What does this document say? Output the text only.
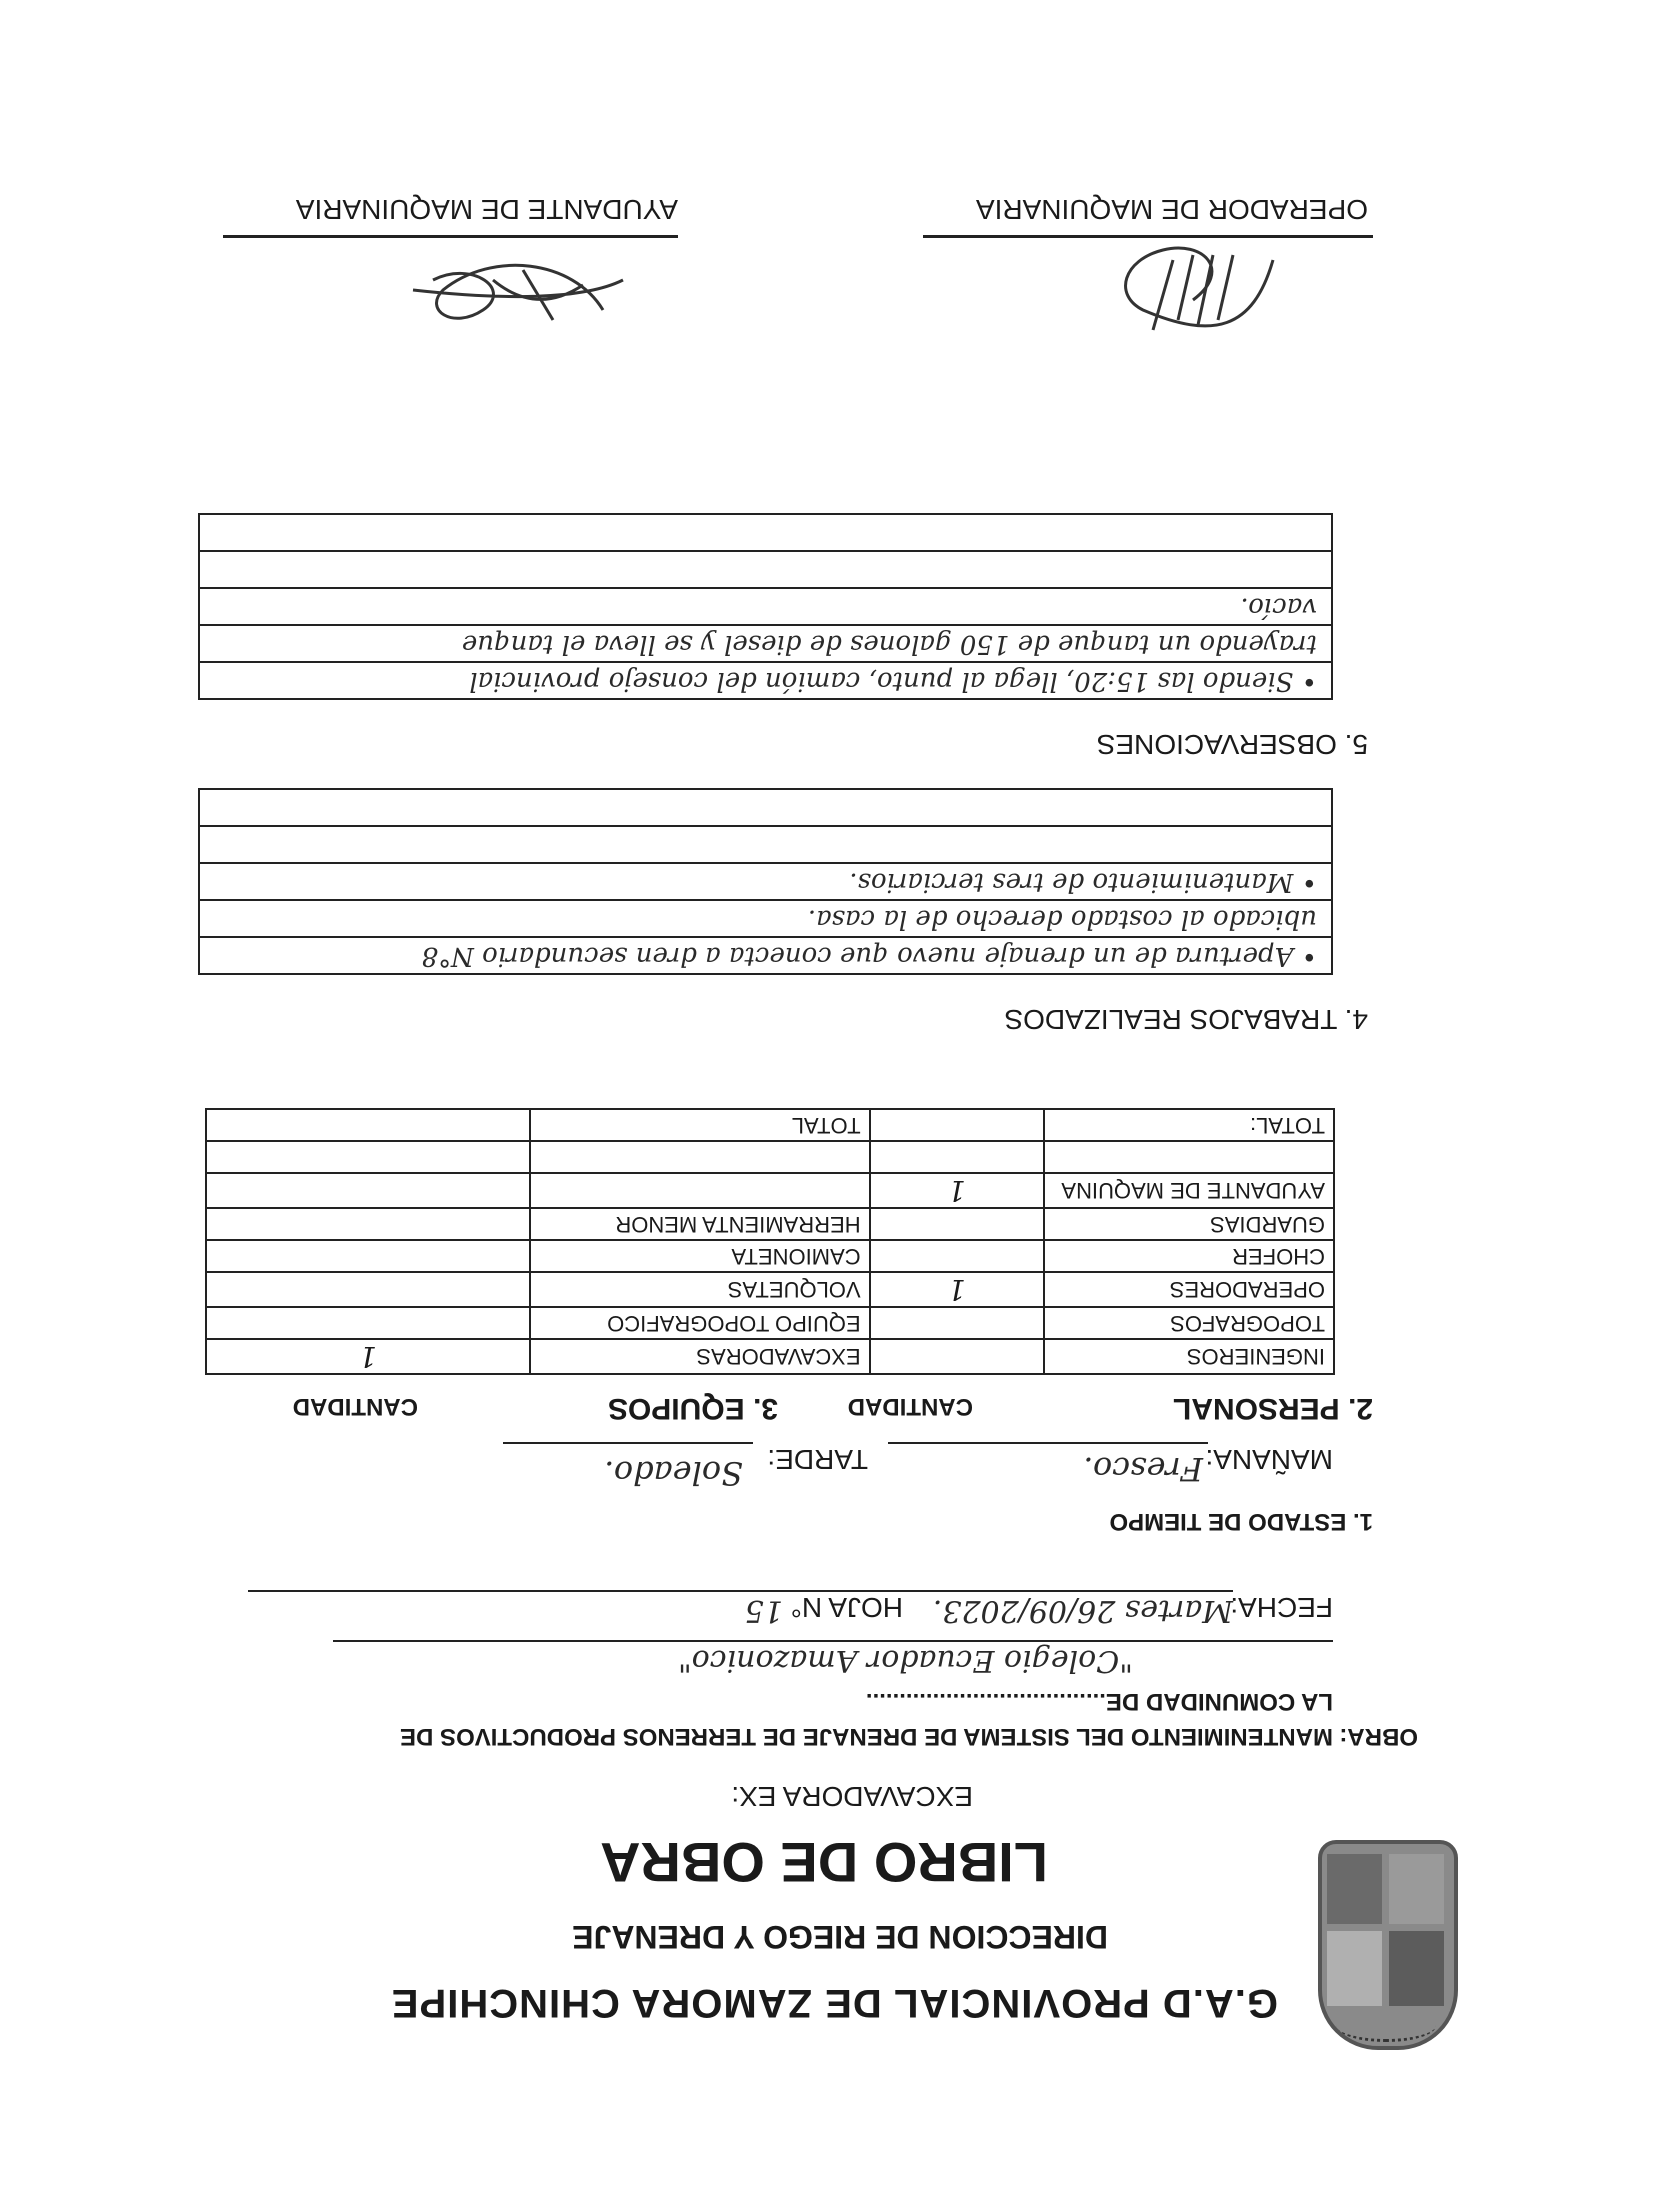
G.A.D PROVINCIAL DE ZAMORA CHINCHIPE
DIRECCION DE RIEGO Y DRENAJE
LIBRO DE OBRA
EXCAVADORA EX:
OBRA:
MANTENIMIENTO DEL SISTEMA DE DRENAJE DE TERRENOS PRODUCTIVOS DE
LA COMUNIDAD DE....................................
"Colegio Ecuador Amazonico"
FECHA:
Martes 26/09/2023.
HOJA N°
15
1. ESTADO DE TIEMPO
MAÑANA:
Fresco.
TARDE:
Soleado.
2. PERSONAL
CANTIDAD
3. EQUIPOS
CANTIDAD
INGENIEROS		EXCAVADORAS	1
TOPOGRAFOS		EQUIPO TOPOGRAFICO	
OPERADORES	1	VOLQUETAS	
CHOFER		CAMIONETA	
GUARDIAS		HERRAMIENTA MENOR	
AYUDANTE DE MAQUINA	1		

TOTAL:		TOTAL	
4. TRABAJOS REALIZADOS
• Apertura de un drenaje nuevo que conecta a dren secundario N°8
ubicado al costado derecho de la casa.
• Mantenimiento de tres terciarios.
5. OBSERVACIONES
• Siendo las 15:20, llega al punto, camión del consejo provincial
trayendo un tanque de 150 galones de diesel y se lleva el tanque
vacío.
OPERADOR DE MAQUINARIA
AYUDANTE DE MAQUINARIA
